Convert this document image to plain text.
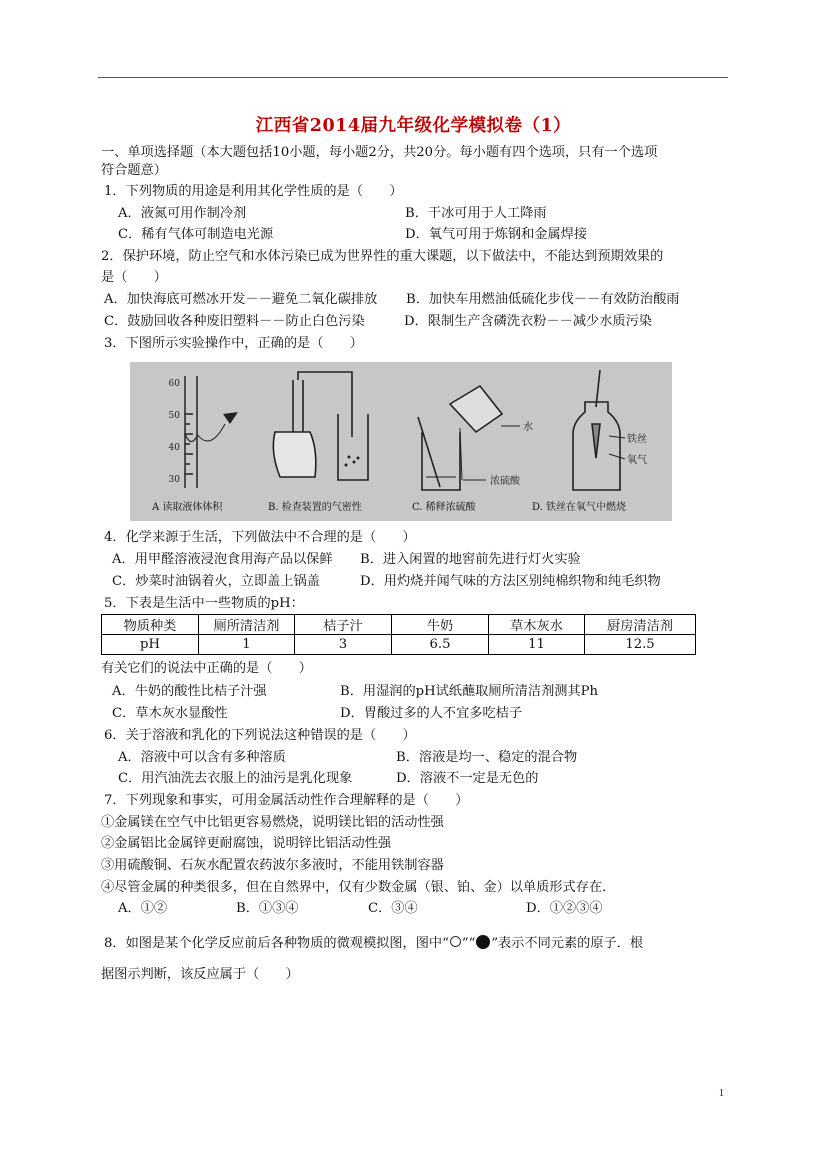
江西省2014届九年级化学模拟卷（1）
一、单项选择题（本大题包括10小题，每小题2分，共20分。每小题有四个选项，只有一个选项
符合题意）
1．下列物质的用途是利用其化学性质的是（　　）
A．液氮可用作制冷剂	B．干冰可用于人工降雨
C．稀有气体可制造电光源	D．氧气可用于炼钢和金属焊接
2．保护环境，防止空气和水体污染已成为世界性的重大课题，以下做法中，不能达到预期效果的
是（　　）
A．加快海底可燃冰开发－－避免二氧化碳排放 B．加快车用燃油低硫化步伐－－有效防治酸雨
C．鼓励回收各种废旧塑料－－防止白色污染	D．限制生产含磷洗衣粉－－减少水质污染
3．下图所示实验操作中，正确的是（　　）
60
50
40
30
水
浓硫酸
铁丝
氧气
A 读取液体体积	B. 检查装置的气密性	C. 稀释浓硫酸	D. 铁丝在氧气中燃烧
4．化学来源于生活，下列做法中不合理的是（　　）
A．用甲醛溶液浸泡食用海产品以保鲜 B．进入闲置的地窖前先进行灯火实验
C．炒菜时油锅着火，立即盖上锅盖	D．用灼烧并闻气味的方法区别纯棉织物和纯毛织物
5．下表是生活中一些物质的pH：
物质种类	厕所清洁剂	桔子汁	牛奶	草木灰水	厨房清洁剂
pH	1	3	6.5	11	12.5
有关它们的说法中正确的是（　　）
A．牛奶的酸性比桔子汁强	B．用湿润的pH试纸蘸取厕所清洁剂测其Ph
C．草木灰水显酸性	D．胃酸过多的人不宜多吃桔子
6．关于溶液和乳化的下列说法这种错误的是（　　）
A．溶液中可以含有多种溶质	B．溶液是均一、稳定的混合物
C．用汽油洗去衣服上的油污是乳化现象	D．溶液不一定是无色的
7．下列现象和事实，可用金属活动性作合理解释的是（　　）
①金属镁在空气中比铝更容易燃烧，说明镁比铝的活动性强
②金属铝比金属锌更耐腐蚀，说明锌比铝活动性强
③用硫酸铜、石灰水配置农药波尔多液时，不能用铁制容器
④尽管金属的种类很多，但在自然界中，仅有少数金属（银、铂、金）以单质形式存在．
A．①②	B．①③④	C．③④	D．①②③④
8．如图是某个化学反应前后各种物质的微观模拟图，图中“ ”“ ”表示不同元素的原子．根
据图示判断，该反应属于（　　）
1
